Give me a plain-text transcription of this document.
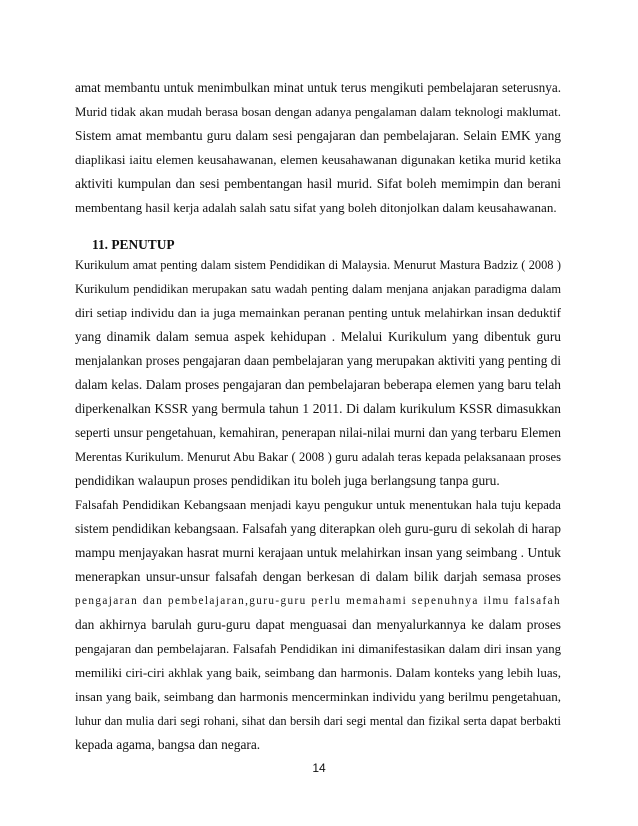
amat membantu untuk menimbulkan minat untuk terus mengikuti pembelajaran seterusnya.
Murid tidak akan mudah berasa bosan dengan adanya pengalaman dalam teknologi maklumat.
Sistem amat membantu guru dalam sesi pengajaran dan pembelajaran. Selain EMK yang
diaplikasi iaitu elemen keusahawanan, elemen keusahawanan digunakan ketika murid ketika
aktiviti kumpulan dan sesi pembentangan hasil murid. Sifat boleh memimpin dan berani
membentang hasil kerja adalah salah satu sifat yang boleh ditonjolkan dalam keusahawanan.
11. PENUTUP
Kurikulum amat penting dalam sistem Pendidikan di Malaysia. Menurut Mastura Badziz ( 2008 )
Kurikulum pendidikan merupakan satu wadah penting dalam menjana anjakan paradigma dalam
diri setiap individu dan ia juga memainkan peranan penting untuk melahirkan insan deduktif
yang dinamik dalam semua aspek kehidupan . Melalui Kurikulum yang dibentuk guru
menjalankan proses pengajaran daan pembelajaran yang merupakan aktiviti yang penting di
dalam kelas. Dalam proses pengajaran dan pembelajaran beberapa elemen yang baru telah
diperkenalkan KSSR yang bermula tahun 1 2011. Di dalam kurikulum KSSR dimasukkan
seperti unsur pengetahuan, kemahiran, penerapan nilai-nilai murni dan yang terbaru Elemen
Merentas Kurikulum. Menurut Abu Bakar ( 2008 ) guru adalah teras kepada pelaksanaan proses
pendidikan walaupun proses pendidikan itu boleh juga berlangsung tanpa guru.
Falsafah Pendidikan Kebangsaan menjadi kayu pengukur untuk menentukan hala tuju kepada
sistem pendidikan kebangsaan. Falsafah yang diterapkan oleh guru-guru di sekolah di harap
mampu menjayakan hasrat murni kerajaan untuk melahirkan insan yang seimbang . Untuk
menerapkan unsur-unsur falsafah dengan berkesan di dalam bilik darjah semasa proses
pengajaran dan pembelajaran,guru-guru perlu memahami sepenuhnya ilmu falsafah
dan akhirnya barulah guru-guru dapat menguasai dan menyalurkannya ke dalam proses
pengajaran dan pembelajaran. Falsafah Pendidikan ini dimanifestasikan dalam diri insan yang
memiliki ciri-ciri akhlak yang baik, seimbang dan harmonis. Dalam konteks yang lebih luas,
insan yang baik, seimbang dan harmonis mencerminkan individu yang berilmu pengetahuan,
luhur dan mulia dari segi rohani, sihat dan bersih dari segi mental dan fizikal serta dapat berbakti
kepada agama, bangsa dan negara.
14
